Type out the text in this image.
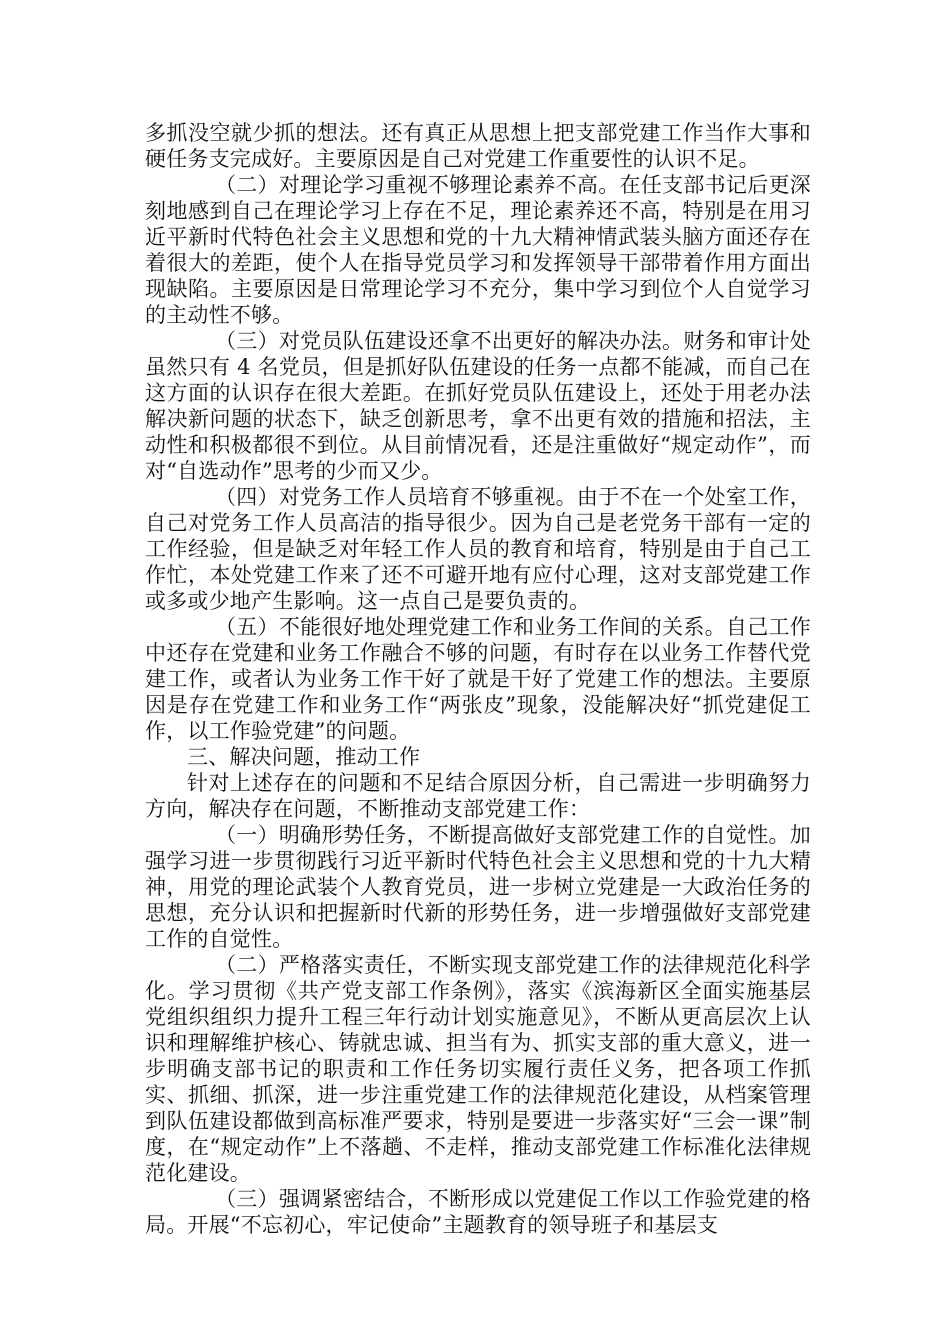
多抓没空就少抓的想法。还有真正从思想上把支部党建工作当作大事和硬任务支完成好。主要原因是自己对党建工作重要性的认识不足。

（二）对理论学习重视不够理论素养不高。在任支部书记后更深刻地感到自己在理论学习上存在不足，理论素养还不高，特别是在用习近平新时代特色社会主义思想和党的十九大精神情武装头脑方面还存在着很大的差距，使个人在指导党员学习和发挥领导干部带着作用方面出现缺陷。主要原因是日常理论学习不充分，集中学习到位个人自觉学习的主动性不够。

（三）对党员队伍建设还拿不出更好的解决办法。财务和审计处虽然只有 4 名党员，但是抓好队伍建设的任务一点都不能减，而自己在这方面的认识存在很大差距。在抓好党员队伍建设上，还处于用老办法解决新问题的状态下，缺乏创新思考，拿不出更有效的措施和招法，主动性和积极都很不到位。从目前情况看，还是注重做好“规定动作”，而对“自选动作”思考的少而又少。

（四）对党务工作人员培育不够重视。由于不在一个处室工作，自己对党务工作人员高洁的指导很少。因为自己是老党务干部有一定的工作经验，但是缺乏对年轻工作人员的教育和培育，特别是由于自己工作忙，本处党建工作来了还不可避开地有应付心理，这对支部党建工作或多或少地产生影响。这一点自己是要负责的。

（五）不能很好地处理党建工作和业务工作间的关系。自己工作中还存在党建和业务工作融合不够的问题，有时存在以业务工作替代党建工作，或者认为业务工作干好了就是干好了党建工作的想法。主要原因是存在党建工作和业务工作“两张皮”现象，没能解决好“抓党建促工作，以工作验党建”的问题。

三、解决问题，推动工作

针对上述存在的问题和不足结合原因分析，自己需进一步明确努力方向，解决存在问题，不断推动支部党建工作：

（一）明确形势任务，不断提高做好支部党建工作的自觉性。加强学习进一步贯彻践行习近平新时代特色社会主义思想和党的十九大精神，用党的理论武装个人教育党员，进一步树立党建是一大政治任务的思想，充分认识和把握新时代新的形势任务，进一步增强做好支部党建工作的自觉性。

（二）严格落实责任，不断实现支部党建工作的法律规范化科学化。学习贯彻《共产党支部工作条例》，落实《滨海新区全面实施基层党组织组织力提升工程三年行动计划实施意见》，不断从更高层次上认识和理解维护核心、铸就忠诚、担当有为、抓实支部的重大意义，进一步明确支部书记的职责和工作任务切实履行责任义务，把各项工作抓实、抓细、抓深，进一步注重党建工作的法律规范化建设，从档案管理到队伍建设都做到高标准严要求，特别是要进一步落实好“三会一课”制度，在“规定动作”上不落趟、不走样，推动支部党建工作标准化法律规范化建设。

（三）强调紧密结合，不断形成以党建促工作以工作验党建的格局。开展“不忘初心，牢记使命”主题教育的领导班子和基层支
